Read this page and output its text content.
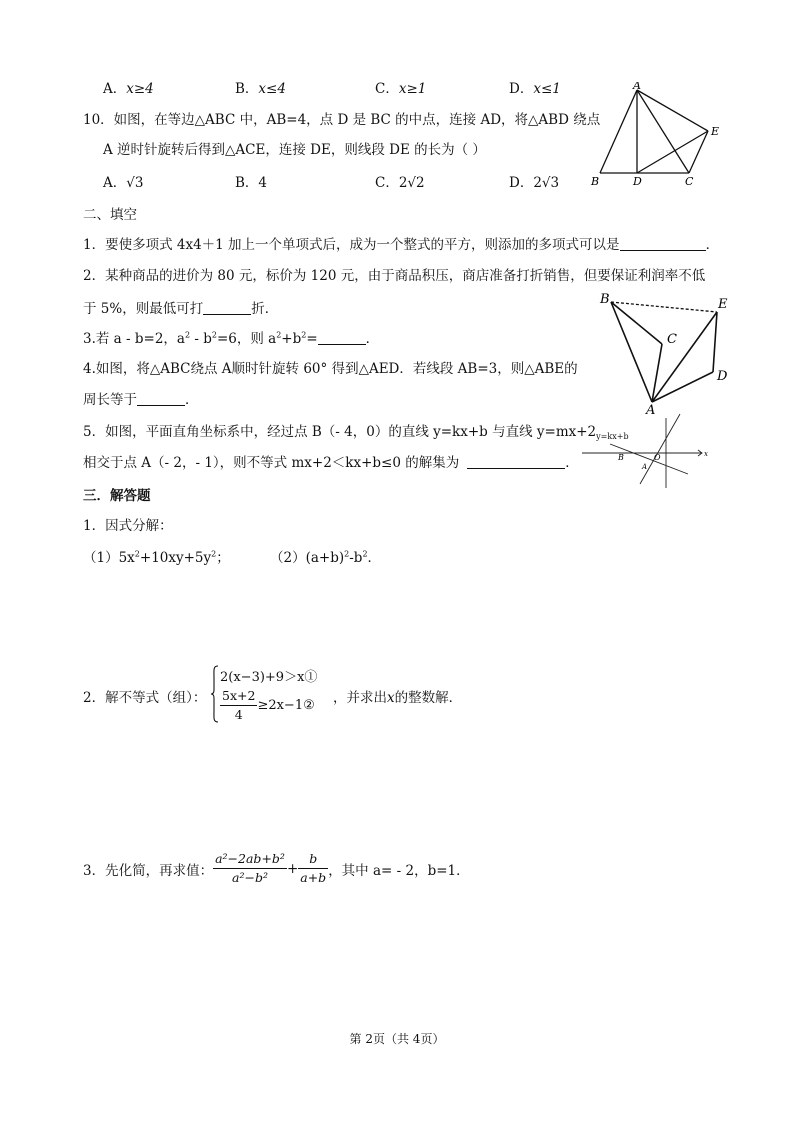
A．x≥4	B．x≤4	C．x≥1	D．x≤1
10．如图，在等边△ABC 中，AB=4，点 D 是 BC 的中点，连接 AD，将△ABD 绕点
A 逆时针旋转后得到△ACE，连接 DE，则线段 DE 的长为（ ）
A．√3	B．4	C．2√2	D．2√3
A
B	D	C
E
二、填空
1．要使多项式 4x4＋1 加上一个单项式后，成为一个整式的平方，则添加的多项式可以是	．
2．某种商品的进价为 80 元，标价为 120 元，由于商品积压，商店准备打折销售，但要保证利润率不低
于 5%，则最低可打	折．
3.若 a - b=2，$a^2 - b^2=6$，则 $a^2+b^2=$	．
4.如图，将△ABC绕点 A顺时针旋转 60° 得到△AED．若线段 AB=3，则△ABE的
周长等于	．
B
C
E
D
A
5．如图，平面直角坐标系中，经过点 B（- 4，0）的直线 y=kx+b 与直线 $y=mx+2_{y=kx+b}$
相交于点 A（- 2，- 1），则不等式 mx+2＜kx+b≤0 的解集为	．
x
B	O
A
三．解答题
1．因式分解：
$(1)5x^2+10xy+5y^2$；	$(2)(a+b)^2-b^2$．
2．解不等式（组）：
2(x−3)+9＞x①
$\frac{5x+2}{4}$ ≥2x−1② ，并求出x的整数解．
3．先化简，再求值： $\frac{\text{a²−2ab+b²}}{\text{a²−b²}} + \frac{b}{a+b}$ ，其中 a= - 2，b=1．
第 2页（共 4页）
